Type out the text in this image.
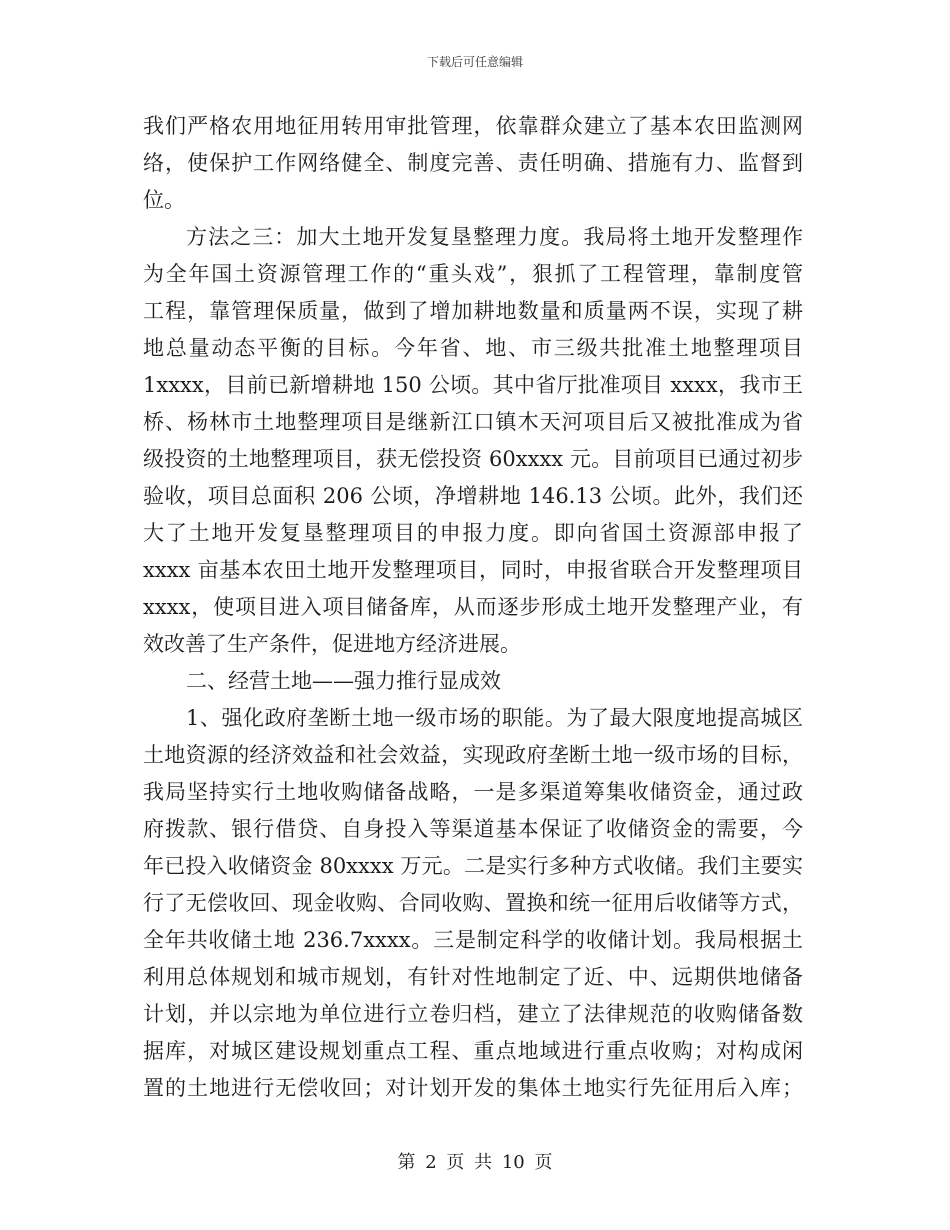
下载后可任意编辑
我们严格农用地征用转用审批管理，依靠群众建立了基本农田监测网
络，使保护工作网络健全、制度完善、责任明确、措施有力、监督到
位。
方法之三：加大土地开发复垦整理力度。我局将土地开发整理作
为全年国土资源管理工作的“重头戏”，狠抓了工程管理，靠制度管
工程，靠管理保质量，做到了增加耕地数量和质量两不误，实现了耕
地总量动态平衡的目标。今年省、地、市三级共批准土地整理项目
1xxxx，目前已新增耕地 150 公顷。其中省厅批准项目 xxxx，我市王
桥、杨林市土地整理项目是继新江口镇木天河项目后又被批准成为省
级投资的土地整理项目，获无偿投资 60xxxx 元。目前项目已通过初步
验收，项目总面积 206 公顷，净增耕地 146.13 公顷。此外，我们还
大了土地开发复垦整理项目的申报力度。即向省国土资源部申报了
xxxx 亩基本农田土地开发整理项目，同时，申报省联合开发整理项目
xxxx，使项目进入项目储备库，从而逐步形成土地开发整理产业，有
效改善了生产条件，促进地方经济进展。
二、经营土地——强力推行显成效
1、强化政府垄断土地一级市场的职能。为了最大限度地提高城区
土地资源的经济效益和社会效益，实现政府垄断土地一级市场的目标，
我局坚持实行土地收购储备战略，一是多渠道筹集收储资金，通过政
府拨款、银行借贷、自身投入等渠道基本保证了收储资金的需要，今
年已投入收储资金 80xxxx 万元。二是实行多种方式收储。我们主要实
行了无偿收回、现金收购、合同收购、置换和统一征用后收储等方式，
全年共收储土地 236.7xxxx。三是制定科学的收储计划。我局根据土
利用总体规划和城市规划，有针对性地制定了近、中、远期供地储备
计划，并以宗地为单位进行立卷归档，建立了法律规范的收购储备数
据库，对城区建设规划重点工程、重点地域进行重点收购；对构成闲
置的土地进行无偿收回；对计划开发的集体土地实行先征用后入库；
第 2 页 共 10 页
